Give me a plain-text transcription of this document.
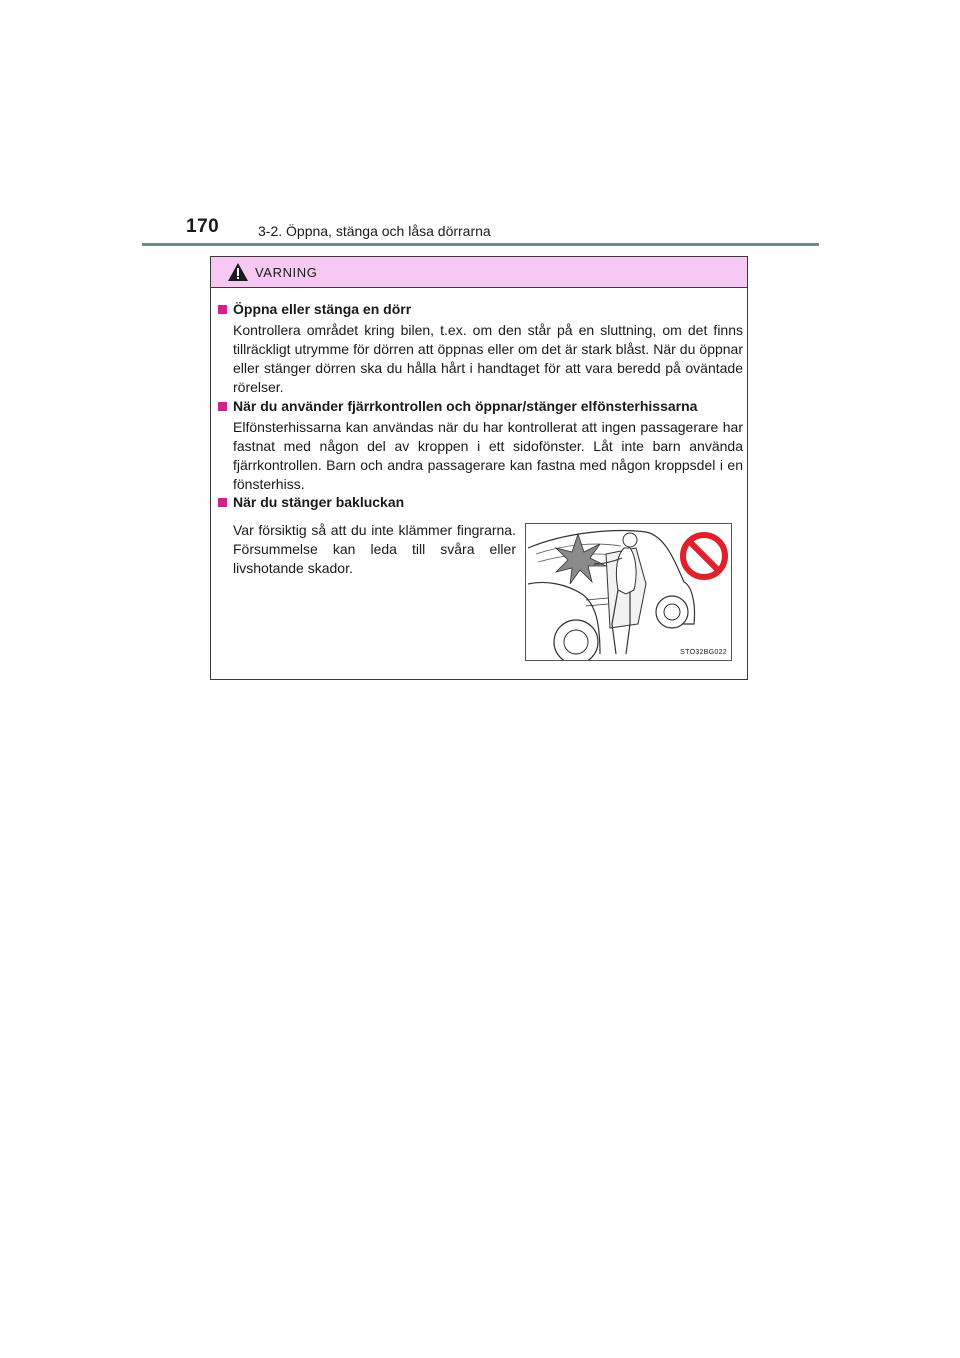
170	3-2. Öppna, stänga och låsa dörrarna
VARNING
Öppna eller stänga en dörr
Kontrollera området kring bilen, t.ex. om den står på en sluttning, om det finns tillräckligt utrymme för dörren att öppnas eller om det är stark blåst. När du öppnar eller stänger dörren ska du hålla hårt i handtaget för att vara beredd på oväntade rörelser.
När du använder fjärrkontrollen och öppnar/stänger elfönsterhissarna
Elfönsterhissarna kan användas när du har kontrollerat att ingen passagerare har fastnat med någon del av kroppen i ett sidofönster. Låt inte barn använda fjärrkontrollen. Barn och andra passagerare kan fastna med någon kroppsdel i en fönsterhiss.
När du stänger bakluckan
Var försiktig så att du inte klämmer fingrarna. Försummelse kan leda till svåra eller livshotande skador.
STO32BG022
